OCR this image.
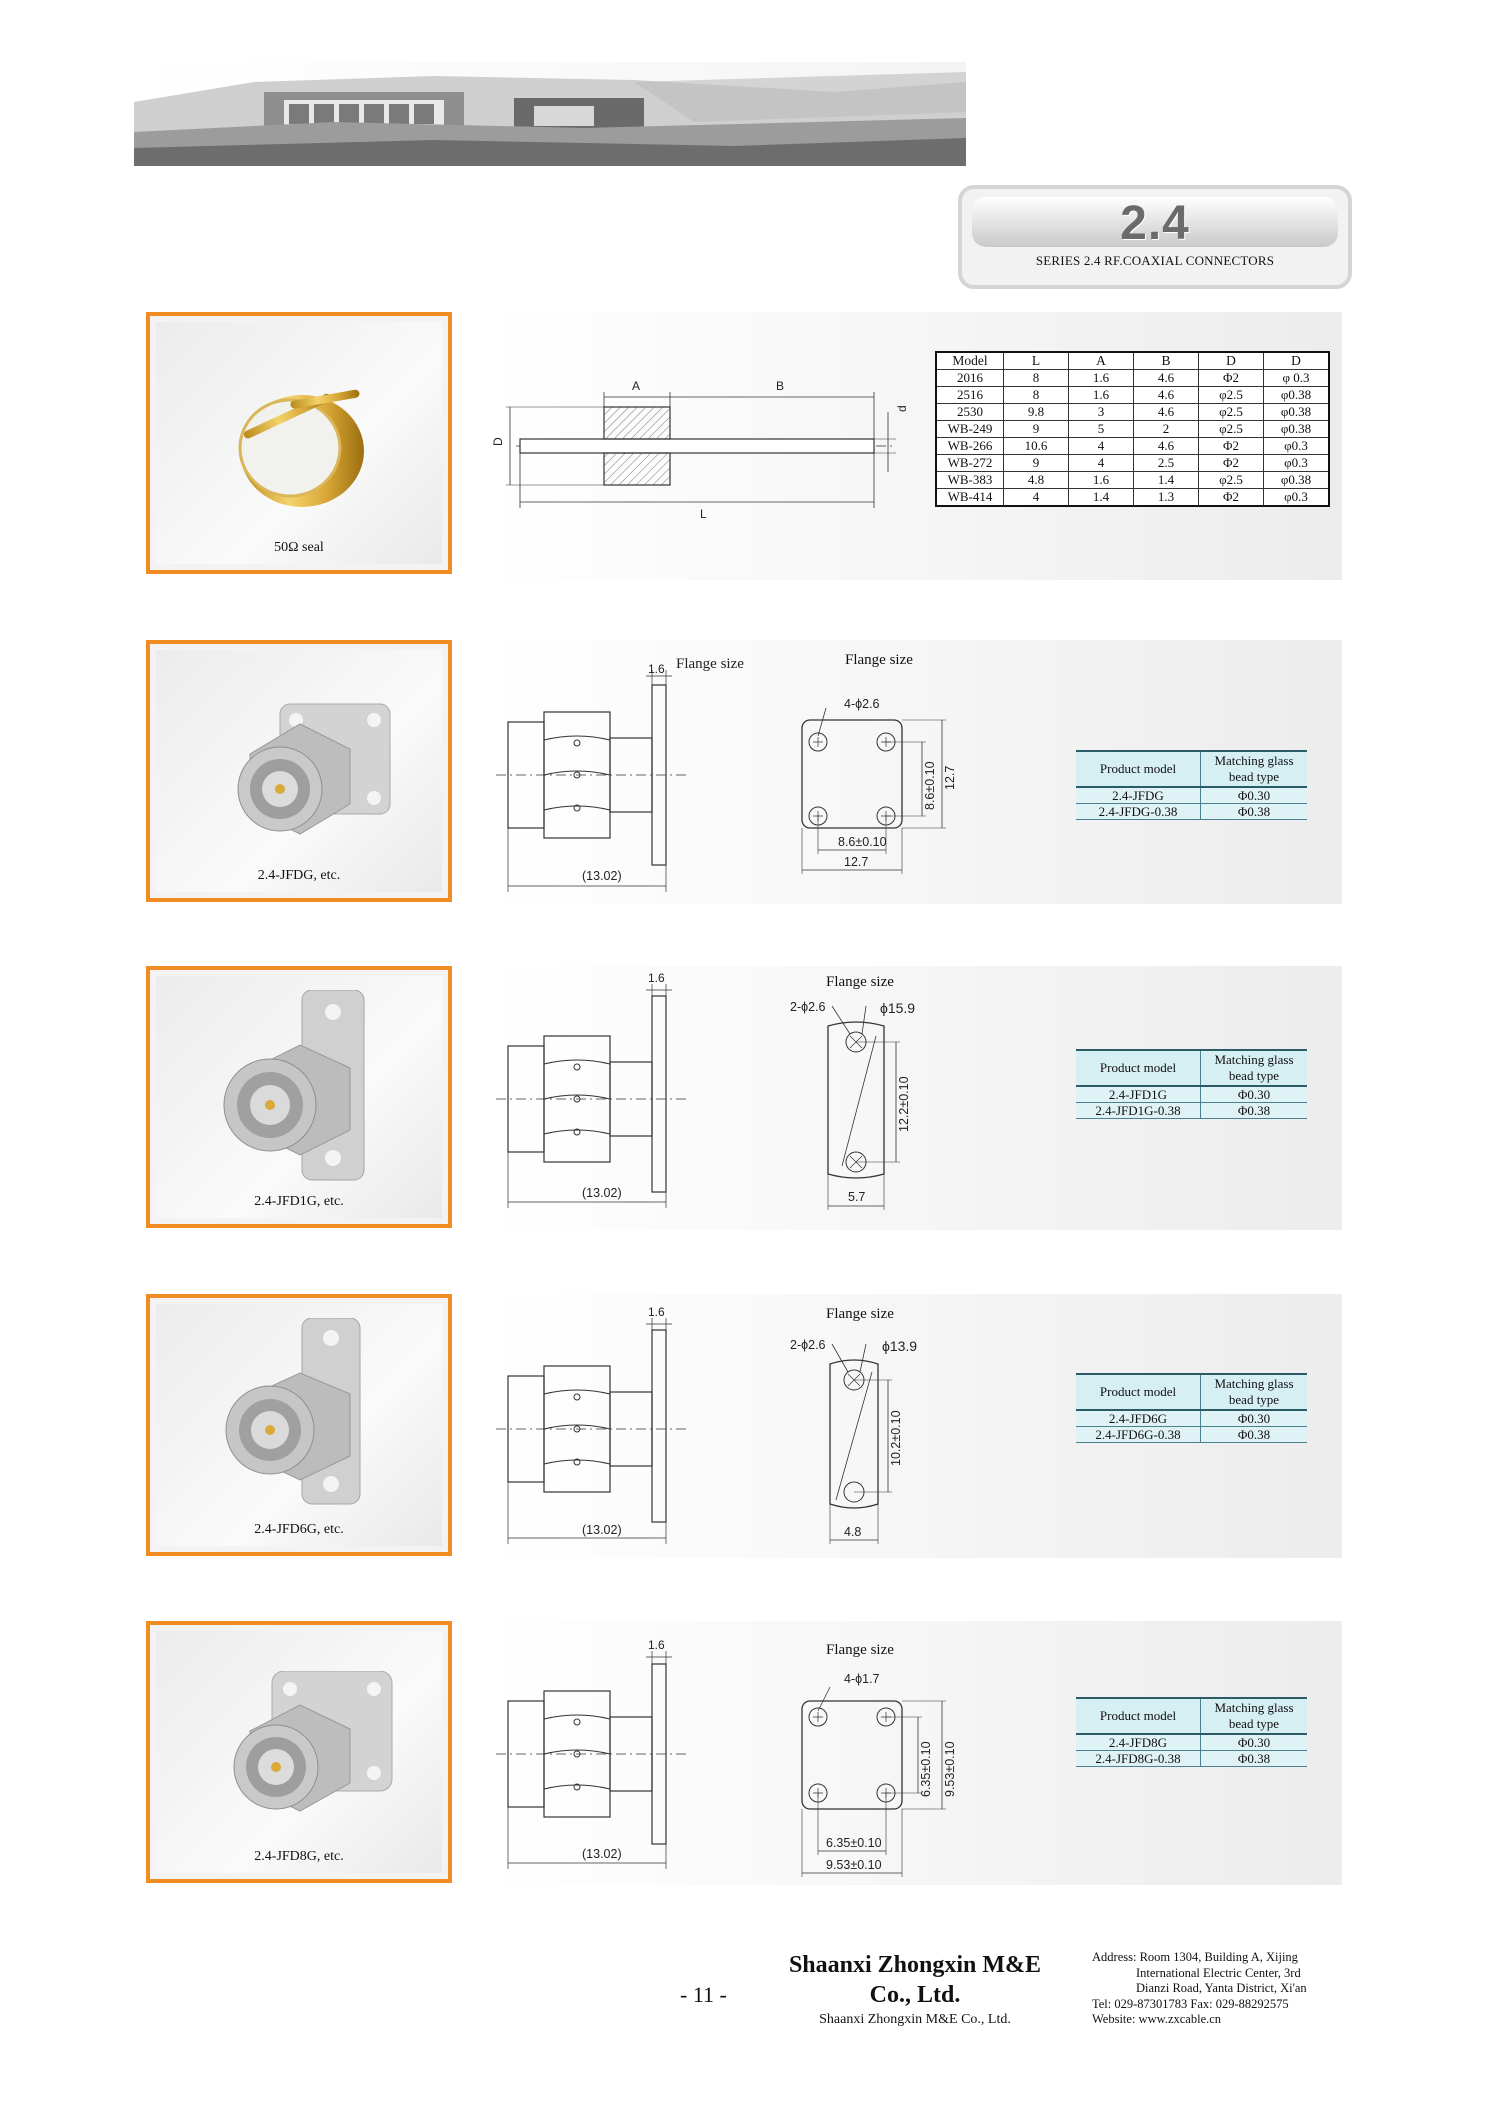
2.4
SERIES 2.4 RF.COAXIAL CONNECTORS
50Ω seal
A	B
L
D
d
Model	L	A	B	D	D
2016	8	1.6	4.6	Φ2	φ 0.3
2516	8	1.6	4.6	φ2.5	φ0.38
2530	9.8	3	4.6	φ2.5	φ0.38
WB-249	9	5	2	φ2.5	φ0.38
WB-266	10.6	4	4.6	Φ2	φ0.3
WB-272	9	4	2.5	Φ2	φ0.3
WB-383	4.8	1.6	1.4	φ2.5	φ0.38
WB-414	4	1.4	1.3	Φ2	φ0.3
2.4-JFDG, etc.
Flange size
1.6
(13.02)
4-ϕ2.6
8.6±0.10
12.7
8.6±0.10 12.7
Flange size
Product model	Matching glass
bead type
2.4-JFDG	Φ0.30
2.4-JFDG-0.38	Φ0.38
2.4-JFD1G, etc.
1.6
(13.02)
2-ϕ2.6	ϕ15.9
5.7
12.2±0.10
Flange size
Product model	Matching glass
bead type
2.4-JFD1G	Φ0.30
2.4-JFD1G-0.38	Φ0.38
2.4-JFD6G, etc.
1.6
(13.02)
2-ϕ2.6	ϕ13.9
4.8
10.2±0.10
Flange size
Product model	Matching glass
bead type
2.4-JFD6G	Φ0.30
2.4-JFD6G-0.38	Φ0.38
2.4-JFD8G, etc.
1.6
(13.02)
4-ϕ1.7
6.35±0.10
9.53±0.10
6.35±0.10 9.53±0.10
Flange size
Product model	Matching glass
bead type
2.4-JFD8G	Φ0.30
2.4-JFD8G-0.38	Φ0.38
- 11 -
Shaanxi Zhongxin M&E
Co., Ltd.
Shaanxi Zhongxin M&E Co., Ltd.
Address: Room 1304, Building A, Xijing
International Electric Center, 3rd
Dianzi Road, Yanta District, Xi'an
Tel: 029-87301783 Fax: 029-88292575
Website: www.zxcable.cn
